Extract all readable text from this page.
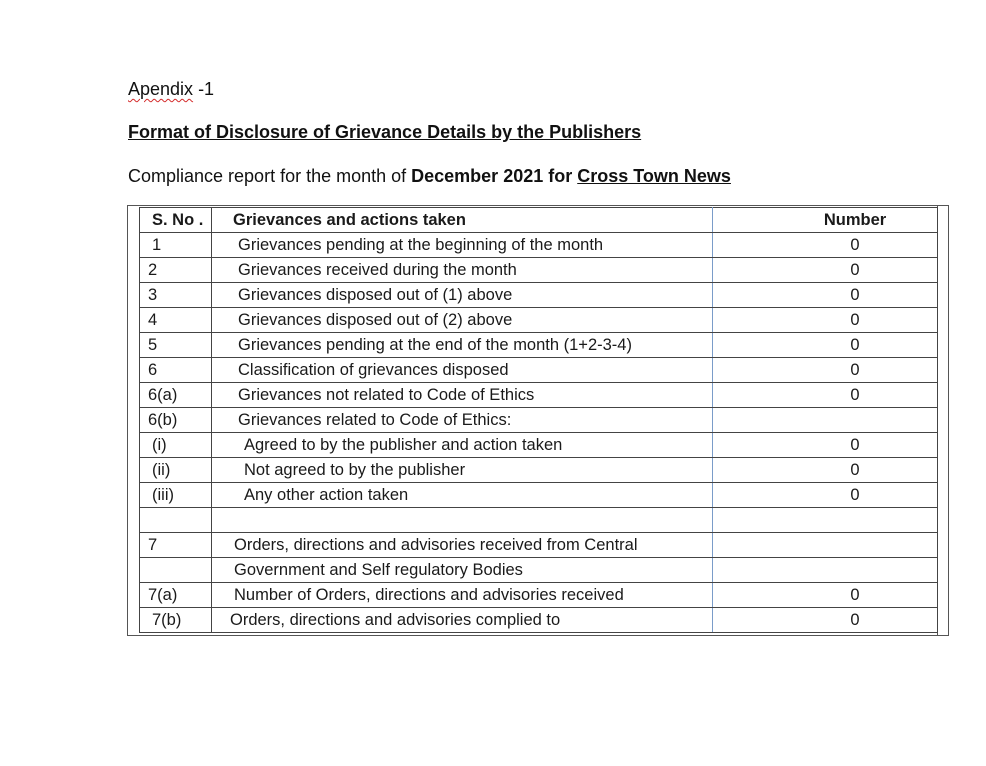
Apendix -1
Format of Disclosure of Grievance Details by the Publishers
Compliance report for the month of December 2021 for Cross Town News
S. No .	Grievances and actions taken	Number
1	Grievances pending at the beginning of the month	0
2	Grievances received during the month	0
3	Grievances disposed out of (1) above	0
4	Grievances disposed out of (2) above	0
5	Grievances pending at the end of the month (1+2-3-4)	0
6	Classification of grievances disposed	0
6(a)	Grievances not related to Code of Ethics	0
6(b)	Grievances related to Code of Ethics:	
(i)	Agreed to by the publisher and action taken	0
(ii)	Not agreed to by the publisher	0
(iii)	Any other action taken	0

7	Orders, directions and advisories received from Central	
	Government and Self regulatory Bodies	
7(a)	Number of Orders, directions and advisories received	0
7(b)	Orders, directions and advisories complied to	0
